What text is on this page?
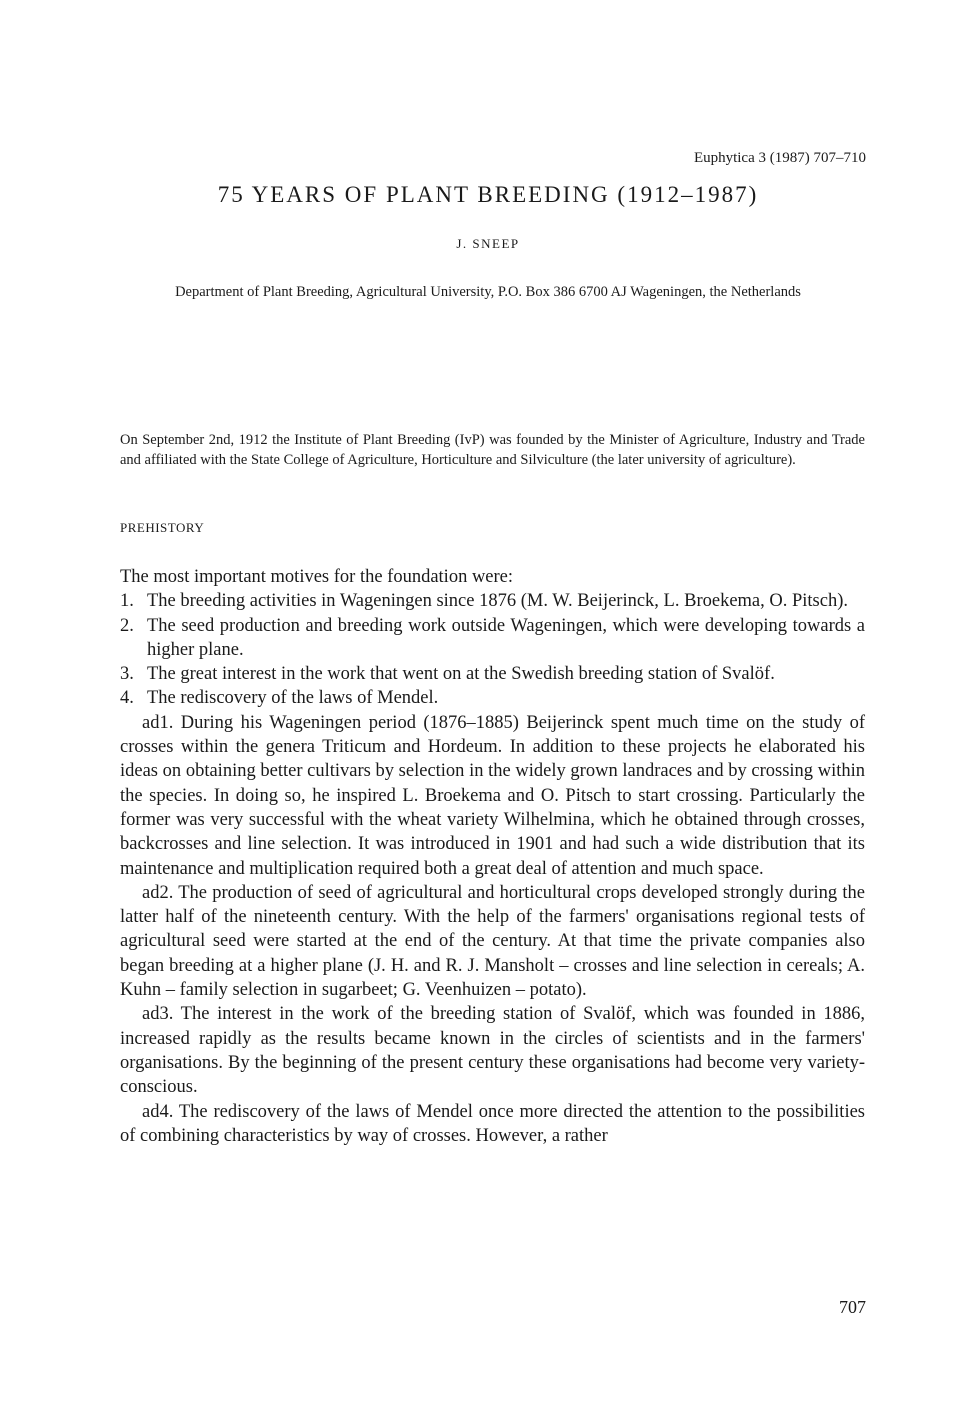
Euphytica 3 (1987) 707–710
75 YEARS OF PLANT BREEDING (1912–1987)
J. SNEEP
Department of Plant Breeding, Agricultural University, P.O. Box 386 6700 AJ Wageningen, the Netherlands
On September 2nd, 1912 the Institute of Plant Breeding (IvP) was founded by the Minister of Agriculture, Industry and Trade and affiliated with the State College of Agriculture, Horticulture and Silviculture (the later university of agriculture).
PREHISTORY

The most important motives for the foundation were:

1. The breeding activities in Wageningen since 1876 (M. W. Beijerinck, L. Broekema, O. Pitsch).
2. The seed production and breeding work outside Wageningen, which were developing towards a higher plane.
3. The great interest in the work that went on at the Swedish breeding station of Svalöf.
4. The rediscovery of the laws of Mendel.

ad1. During his Wageningen period (1876–1885) Beijerinck spent much time on the study of crosses within the genera Triticum and Hordeum. In addition to these projects he elaborated his ideas on obtaining better cultivars by selection in the widely grown landraces and by crossing within the species. In doing so, he inspired L. Broekema and O. Pitsch to start crossing. Particularly the former was very successful with the wheat variety Wilhelmina, which he obtained through crosses, backcrosses and line selection. It was introduced in 1901 and had such a wide distribution that its maintenance and multiplication required both a great deal of attention and much space.

ad2. The production of seed of agricultural and horticultural crops developed strongly during the latter half of the nineteenth century. With the help of the farmers' organisations regional tests of agricultural seed were started at the end of the century. At that time the private companies also began breeding at a higher plane (J. H. and R. J. Mansholt – crosses and line selection in cereals; A. Kuhn – family selection in sugarbeet; G. Veenhuizen – potato).

ad3. The interest in the work of the breeding station of Svalöf, which was founded in 1886, increased rapidly as the results became known in the circles of scientists and in the farmers' organisations. By the beginning of the present century these organisations had become very variety-conscious.

ad4. The rediscovery of the laws of Mendel once more directed the attention to the possibilities of combining characteristics by way of crosses. However, a rather

707
